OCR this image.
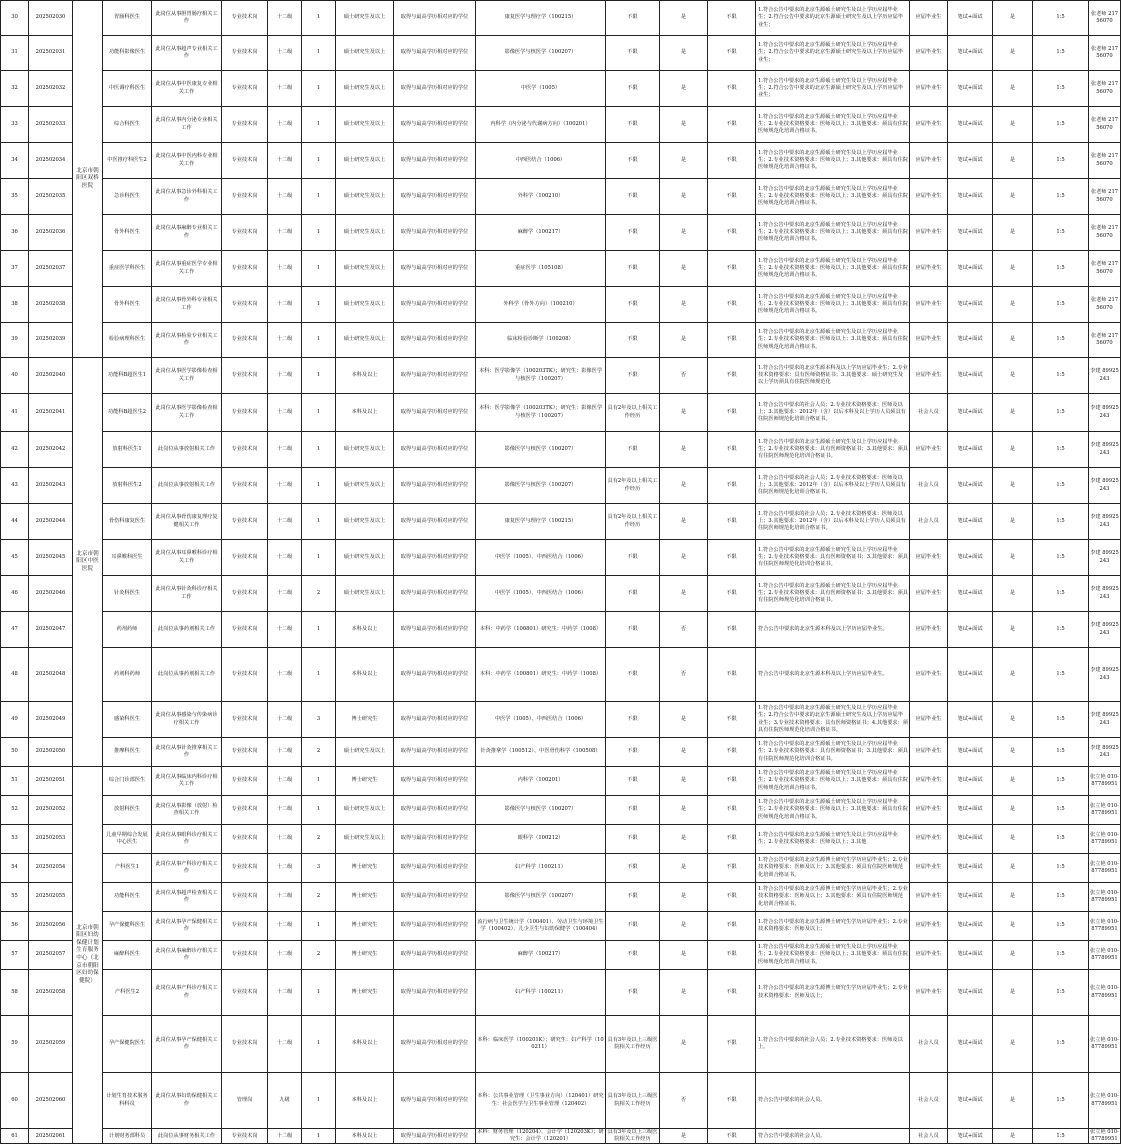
30	202502030	北京市朝阳区双桥医院	胃肠科医生	此岗位从事胆胃肠疗相关工作	专业技术岗	十二级	1	硕士研究生及以上	取得与最高学历相对应的学位	康复医学与理疗学（100215）	不限	是	不限	1.符合公告中要求的北京生源硕士研究生及以上学历应届毕业生；2.符合公告中要求的北京生源硕士研究生及以上学历应届毕业生；	应届毕业生	笔试+面试	是	1:5	张老师 21756070
31	202502031		功能科影像医生	此岗位从事超声专业相关工作	专业技术岗	十二级	1	硕士研究生及以上	取得与最高学历相对应的学位	影像医学与核医学（100207）	不限	是	不限	1.符合公告中要求的北京生源硕士研究生及以上学历应届毕业生；2.符合公告中要求的北京生源硕士研究生及以上学历应届毕业生；	应届毕业生	笔试+面试	是	1:5	张老师 21756070
32	202502032		中医调疗科医生	此岗位从事中医康复专业相关工作	专业技术岗	十二级	1	硕士研究生及以上	取得与最高学历相对应的学位	中医学（1005）	不限	是	不限	1.符合公告中要求的北京生源硕士研究生及以上学历应届毕业生；2.符合公告中要求的北京生源硕士研究生及以上学历应届毕业生；	应届毕业生	笔试+面试	是	1:5	张老师 21756070
33	202502033		综合科医生	此岗位从事内分泌专业相关工作	专业技术岗	十二级	1	硕士研究生及以上	取得与最高学历相对应的学位	内科学（内分泌与代谢病方向）（100201）	不限	是	不限	1.符合公告中要求的北京生源硕士研究生及以上学历应届毕业生；2.专业技术资格要求：医师及以上；3.其他要求：须具有住院医师规范化培训合格证书。	应届毕业生	笔试+面试	是	1:5	张老师 21756070
34	202502034		中医推疗科医生2	此岗位从事中医内科专业相关工作	专业技术岗	十二级	1	硕士研究生及以上	取得与最高学历相对应的学位	中西医结合（1006）	不限	是	不限	1.符合公告中要求的北京生源硕士研究生及以上学历应届毕业生；2.专业技术资格要求：医师及以上；3.其他要求：须具有住院医师规范化培训合格证书。	应届毕业生	笔试+面试	是	1:5	张老师 21756070
35	202502035		急诊科医生	此岗位从事急诊外科相关工作	专业技术岗	十二级	1	硕士研究生及以上	取得与最高学历相对应的学位	外科学（100210）	不限	是	不限	1.符合公告中要求的北京生源硕士研究生及以上学历应届毕业生；2.专业技术资格要求：医师及以上；3.其他要求：须具有住院医师规范化培训合格证书。	应届毕业生	笔试+面试	是	1:5	张老师 21756070
36	202502036		骨外科医生	此岗位从事麻醉专业相关工作	专业技术岗	十二级	1	硕士研究生及以上	取得与最高学历相对应的学位	麻醉学（100217）	不限	是	不限	1.符合公告中要求的北京生源硕士研究生及以上学历应届毕业生；2.专业技术资格要求：医师及以上；3.其他要求：须具有住院医师规范化培训合格证书。	应届毕业生	笔试+面试	是	1:5	张老师 21756070
37	202502037		重症医学科医生	此岗位从事重症医学专业相关工作	专业技术岗	十二级	1	硕士研究生及以上	取得与最高学历相对应的学位	重症医学（105108）	不限	是	不限	1.符合公告中要求的北京生源硕士研究生及以上学历应届毕业生；2.专业技术资格要求：医师及以上；3.其他要求：须具有住院医师规范化培训合格证书。	应届毕业生	笔试+面试	是	1:5	张老师 21756070
38	202502038		骨外科医生	此岗位从事骨外科专业相关工作	专业技术岗	十二级	1	硕士研究生及以上	取得与最高学历相对应的学位	外科学（骨外方向）（100210）	不限	是	不限	1.符合公告中要求的北京生源硕士研究生及以上学历应届毕业生；2.专业技术资格要求：医师及以上；3.其他要求：须具有住院医师规范化培训合格证书。	应届毕业生	笔试+面试	是	1:5	张老师 21756070
39	202502039		检验病理科医生	此岗位从事检验专业相关工作	专业技术岗	十二级	1	硕士研究生及以上	取得与最高学历相对应的学位	临床检验诊断学（100208）	不限	是	不限	1.符合公告中要求的北京生源硕士研究生及以上学历应届毕业生；2.专业技术资格要求：医师及以上；3.其他要求：须具有住院医师规范化培训合格证书。	应届毕业生	笔试+面试	是	1:5	张老师 21756070
40	202502040	北京市朝阳区中医医院	功能科B超医生1	此岗位从事医学影像检查相关工作	专业技术岗	十二级	1	本科及以上	取得与最高学历相对应的学位	本科：医学影像学（100203TK）；研究生：影像医学与核医学（100207）	不限	否	不限	1.符合公告中要求的北京生源本科及以上学历应届毕业生；2.专业技术资格要求：具有医师资格证书；3.其他要求：硕士研究生及以上学历须具有住院医师规范化	应届毕业生	笔试+面试	是	1:5	李建 89925243
41	202502041		功能科B超医生2	此岗位从事医学影像检查相关工作	专业技术岗	十二级	1	本科及以上	取得与最高学历相对应的学位	本科：医学影像学（100203TK）；研究生：影像医学与核医学（100207）	具有2年及以上相关工作经历	是	不限	1.符合公告中要求的社会人员；2.专业技术资格要求：医师及以上；3.其他要求：2012年（含）以后本科及以上学历人员须具有住院医师规范化培训合格证书。	社会人员	笔试+面试	是	1:5	李建 89925243
42	202502042		放射科医生1	此岗位从事放射相关工作	专业技术岗	十二级	1	硕士研究生及以上	取得与最高学历相对应的学位	影像医学与核医学（100207）	不限	是	不限	1.符合公告中要求的北京生源硕士研究生及以上学历应届毕业生；2.专业技术资格要求：具有医师资格证书；3.其他要求：须具有住院医师规范化培训合格证书。	应届毕业生	笔试+面试	是	1:5	李建 89925243
43	202502043		放射科医生2	此岗位从事放射相关工作	专业技术岗	十二级	1	硕士研究生及以上	取得与最高学历相对应的学位	影像医学与核医学（100207）	具有2年及以上相关工作经历	是	不限	1.符合公告中要求的社会人员；2.专业技术资格要求：医师及以上；3.其他要求：2012年（含）以后本科及以上学历人员须具有住院医师规范化培训合格证书。	社会人员	笔试+面试	是	1:5	李建 89925243
44	202502044		骨伤科康复医生	此岗位从事骨伤康复理疗复健相关工作	专业技术岗	十二级	1	硕士研究生及以上	取得与最高学历相对应的学位	康复医学与理疗学（100215）	具有2年及以上相关工作经历	是	不限	1.符合公告中要求的社会人员；2.专业技术资格要求：医师及以上；3.其他要求：2012年（含）以后本科及以上学历人员须具有住院医师规范化培训合格证书。	社会人员	笔试+面试	是	1:5	李建 89925243
45	202502045		耳鼻喉科医生	此岗位从事耳鼻喉科诊疗相关工作	专业技术岗	十二级	1	硕士研究生及以上	取得与最高学历相对应的学位	中医学（1005）、中西医结合（1006）	不限	是	不限	1.符合公告中要求的北京生源硕士研究生及以上学历应届毕业生；2.专业技术资格要求：具有医师资格证书；3.其他要求：须具有住院医师规范化培训合格证书。	应届毕业生	笔试+面试	是	1:5	李建 89925243
46	202502046		针灸科医生	此岗位从事针灸科诊疗相关工作	专业技术岗	十二级	2	硕士研究生及以上	取得与最高学历相对应的学位	中医学（1005）、中西医结合（1006）	不限	是	不限	1.符合公告中要求的北京生源硕士研究生及以上学历应届毕业生；2.专业技术资格要求：具有医师资格证书；3.其他要求：须具有住院医师规范化培训合格证书。	应届毕业生	笔试+面试	是	1:5	李建 89925243
47	202502047		药剂药师	此岗位从事药剂相关工作	专业技术岗	十二级	1	本科及以上	取得与最高学历相对应的学位	本科：中药学（100801）研究生：中药学（1008）	不限	否	不限	符合公告中要求的北京生源本科及以上学历应届毕业生。	应届毕业生	笔试+面试	是	1:5	李建 89925243
48	202502048		药剂科药师	此岗位从事药剂相关工作	专业技术岗	十二级	1	本科及以上	取得与最高学历相对应的学位	本科：中药学（100801）研究生：中药学（1008）	不限	否	不限	符合公告中要求的北京生源本科及以上学历应届毕业生。	应届毕业生	笔试+面试	是	1:5	李建 89925243
49	202502049		感染科医生	此岗位从事感染与传染病诊疗相关工作	专业技术岗	十二级	3	博士研究生	取得与最高学历相对应的学位	中医学（1005）、中西医结合（1006）	不限	是	不限	1.符合公告中要求的北京生源硕士研究生及以上学历应届毕业生；2.符合公告中要求的北京生源硕士研究生及以上学历应届毕业生；3.专业技术资格要求：具有医师资格证书；4.其他要求：须具有住院医师规范化培训合格证书。	应届毕业生	笔试+面试	是	1:5	李建 89925243
50	202502050		推摩科医生	此岗位从事针灸推拿相关工作	专业技术岗	十二级	2	硕士研究生及以上	取得与最高学历相对应的学位	针灸推拿学（100512）、中医骨伤科学（100508）	不限	是	不限	1.符合公告中要求的北京生源硕士研究生及以上学历应届毕业生；2.专业技术资格要求：具有医师资格证书；3.其他要求：须具有住院医师规范化培训合格证书。	应届毕业生	笔试+面试	是	1:5	李建 89925243
51	202502051	北京市朝阳区妇幼保健计划生育服务中心（北京市朝阳区妇幼保健院）	综合门诊部医生	此岗位从事临床内科诊疗相关工作	专业技术岗	十二级	1	博士研究生	取得与最高学历相对应的学位	内科学（100201）	不限	是	不限	1.符合公告中要求的北京生源硕士研究生及以上学历应届毕业生；2.专业技术资格要求：医师及以上；3.其他要求：须具有住院医师规范化培训合格证书。	应届毕业生	笔试+面试	是	1:5	张立艳 010-87789951
52	202502052		放射科医生	此岗位从事影像（放射）检查相关工作	专业技术岗	十二级	1	硕士研究生及以上	取得与最高学历相对应的学位	影像医学与核医学（100207）	不限	是	不限	1.符合公告中要求的北京生源硕士研究生及以上学历应届毕业生；2.专业技术资格要求：医师及以上；3.其他要求：须具有住院医师规范化培训合格证书。	应届毕业生	笔试+面试	是	1:5	张立艳 010-87789951
53	202502053		儿童早期综合发展中心医生	此岗位从事眼科诊疗相关工作	专业技术岗	十二级	2	硕士研究生及以上	取得与最高学历相对应的学位	眼科学（100212）	不限	是	不限	1.符合公告中要求的北京生源硕士研究生及以上学历应届毕业生；2.专业技术资格要求：医师及以上；3.其他	应届毕业生	笔试+面试	是	1:5	张立艳 010-87789951
54	202502054		产科医生1	此岗位从事产科诊疗相关工作	专业技术岗	十二级	3	博士研究生	取得与最高学历相对应的学位	妇产科学（100211）	不限	是	不限	1.符合公告中要求的北京生源博士研究生学历应届毕业生；2.专业技术资格要求：医师及以上；3.其他要求：须具有住院医师规范化培训合格证书。	应届毕业生	笔试+面试	是	1:5	张立艳 010-87789951
55	202502055		功能科医生	此岗位从事超声检查相关工作	专业技术岗	十二级	2	博士研究生	取得与最高学历相对应的学位	影像医学与核医学（100207）	不限	是	不限	1.符合公告中要求的北京生源博士研究生学历应届毕业生；2.专业技术资格要求：医师及以上；3.其他要求：须具有住院医师规范化培训合格证书。	应届毕业生	笔试+面试	是	1:5	张立艳 010-87789951
56	202502056		孕产保健科医生	此岗位从事孕产保健相关工作	专业技术岗	十二级	1	博士研究生	取得与最高学历相对应的学位	流行病与卫生统计学（100401）、劳动卫生与环境卫生学（100402）、儿少卫生与妇幼保健学（100404）	不限	是	不限	1.符合公告中要求的北京生源博士研究生学历应届毕业生；2.专业技术资格要求：医师及以上；	应届毕业生	笔试+面试	是	1:5	张立艳 010-87789951
57	202502057		麻醉科医生	此岗位从事麻醉诊疗相关工作	专业技术岗	十二级	2	博士研究生	取得与最高学历相对应的学位	麻醉学（100217）	不限	是	不限	1.符合公告中要求的北京生源硕士研究生及以上学历应届毕业生；2.专业技术资格要求：医师及以上；3.其他要求：须具有住院医师规范化培训合格证书。	应届毕业生	笔试+面试	是	1:5	张立艳 010-87789951
58	202502058		产科医生2	此岗位从事产科诊疗相关工作	专业技术岗	十二级	1	博士研究生	取得与最高学历相对应的学位	妇产科学（100211）	不限	是	不限	1.符合公告中要求的北京生源博士研究生学历应届毕业生；2.专业技术资格要求：医师及以上；	应届毕业生	笔试+面试	是	1:5	张立艳 010-87789951
59	202502059		孕产保健院医生	此岗位从事孕产保健相关工作	专业技术岗	十二级	1	本科及以上	取得与最高学历相对应的学位	本科：临床医学（100201K）；研究生：妇产科学（100211）	具有3年及以上三级医院相关工作经历	是	不限	1.符合公告中要求的社会人员；2.专业技术资格要求：医师及以上。	社会人员	笔试+面试	是	1:5	张立艳 010-87789951
60	202502060		计划生育技术服务科科员	此岗位从事妇幼保健相关工作	管理岗	九级	1	本科及以上	取得与最高学历相对应的学位	本科：公共事业管理（卫生事业方向）（120401）研究生：社会医学与卫生事业管理（120402）	具有3年及以上三级医院相关工作经历	否	不限	符合公告中要求的社会人员。	社会人员	笔试+面试	是	1:5	张立艳 010-87789951
61	202502061		计划财务部科员	此岗位从事财务相关工作	专业技术岗	十二级	1	本科及以上	取得与最高学历相对应的学位	本科：财务管理（120204）、会计学（120203K）；研究生：会计学（120201）	具有3年及以上三级医院相关工作经历	是	不限	符合公告中要求的社会人员。	社会人员	笔试+面试	是	1:5	张立艳 010-87789951
